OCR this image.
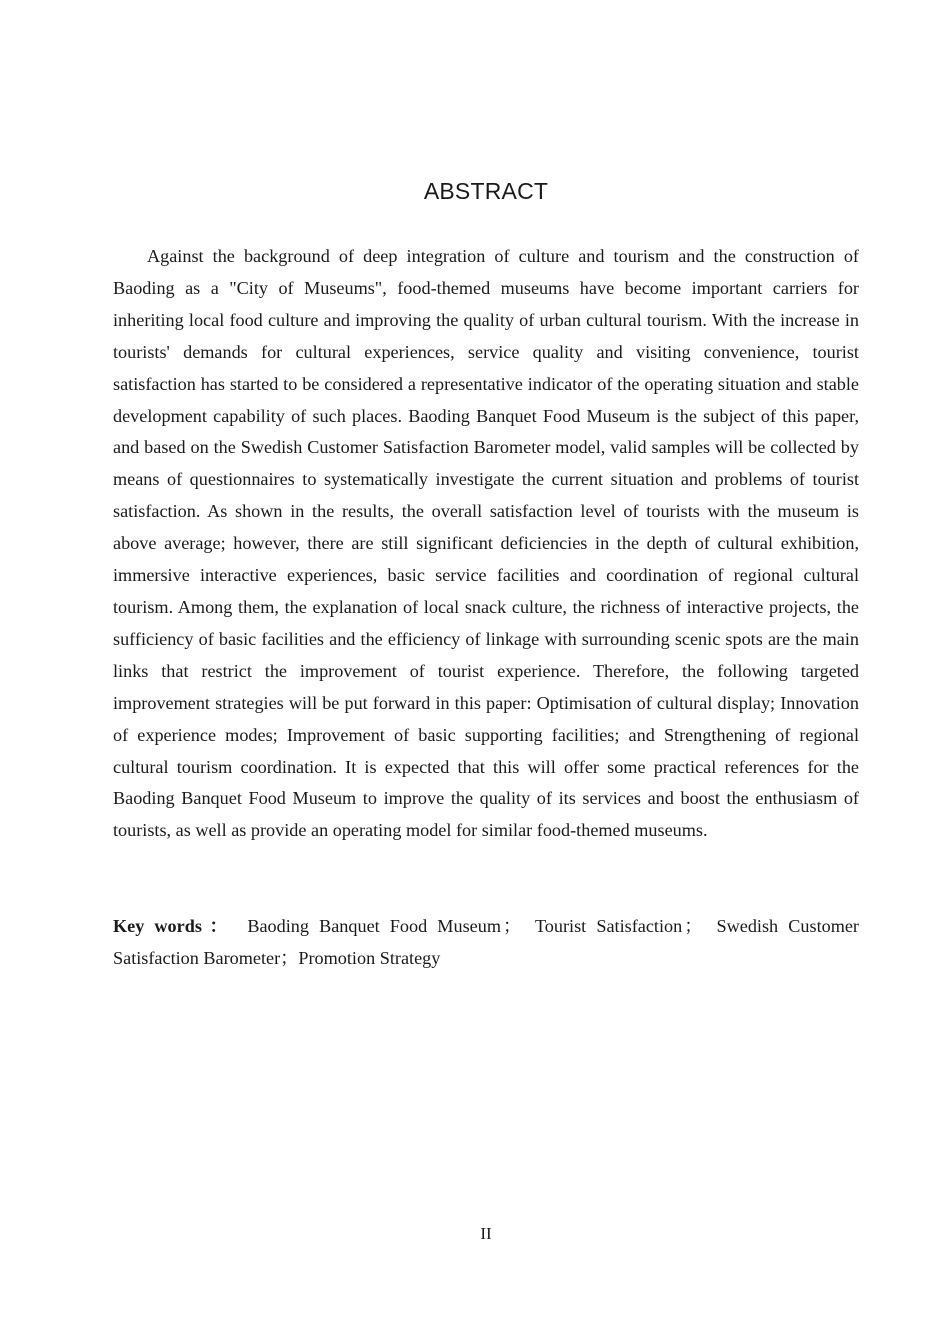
ABSTRACT

Against the background of deep integration of culture and tourism and the construction of Baoding as a "City of Museums", food-themed museums have become important carriers for inheriting local food culture and improving the quality of urban cultural tourism. With the increase in tourists' demands for cultural experiences, service quality and visiting convenience, tourist satisfaction has started to be considered a representative indicator of the operating situation and stable development capability of such places. Baoding Banquet Food Museum is the subject of this paper, and based on the Swedish Customer Satisfaction Barometer model, valid samples will be collected by means of questionnaires to systematically investigate the current situation and problems of tourist satisfaction. As shown in the results, the overall satisfaction level of tourists with the museum is above average; however, there are still significant deficiencies in the depth of cultural exhibition, immersive interactive experiences, basic service facilities and coordination of regional cultural tourism. Among them, the explanation of local snack culture, the richness of interactive projects, the sufficiency of basic facilities and the efficiency of linkage with surrounding scenic spots are the main links that restrict the improvement of tourist experience. Therefore, the following targeted improvement strategies will be put forward in this paper: Optimisation of cultural display; Innovation of experience modes; Improvement of basic supporting facilities; and Strengthening of regional cultural tourism coordination. It is expected that this will offer some practical references for the Baoding Banquet Food Museum to improve the quality of its services and boost the enthusiasm of tourists, as well as provide an operating model for similar food-themed museums.

Key words ： Baoding Banquet Food Museum ； Tourist Satisfaction ； Swedish Customer Satisfaction Barometer；Promotion Strategy

II
